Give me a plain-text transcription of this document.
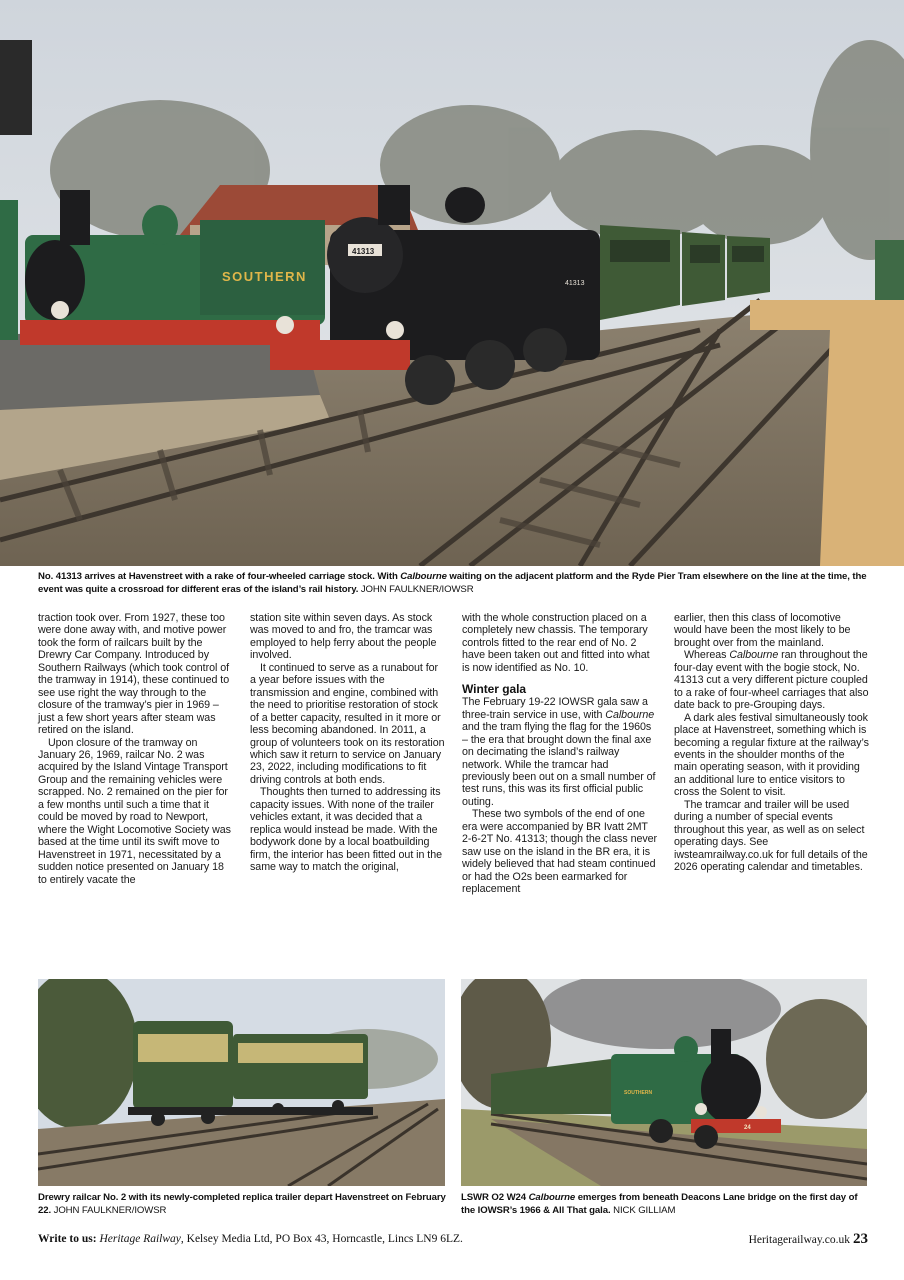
SOUTHERN
41313
41313
No. 41313 arrives at Havenstreet with a rake of four-wheeled carriage stock. With Calbourne waiting on the adjacent platform and the Ryde Pier Tram elsewhere on the line at the time, the event was quite a crossroad for different eras of the island’s rail history. JOHN FAULKNER/IOWSR

traction took over. From 1927, these too were done away with, and motive power took the form of railcars built by the Drewry Car Company. Introduced by Southern Railways (which took control of the tramway in 1914), these continued to see use right the way through to the closure of the tramway’s pier in 1969 – just a few short years after steam was retired on the island.

Upon closure of the tramway on January 26, 1969, railcar No. 2 was acquired by the Island Vintage Transport Group and the remaining vehicles were scrapped. No. 2 remained on the pier for a few months until such a time that it could be moved by road to Newport, where the Wight Locomotive Society was based at the time until its swift move to Havenstreet in 1971, necessitated by a sudden notice presented on January 18 to entirely vacate the

station site within seven days. As stock was moved to and fro, the tramcar was employed to help ferry about the people involved.

It continued to serve as a runabout for a year before issues with the transmission and engine, combined with the need to prioritise restoration of stock of a better capacity, resulted in it more or less becoming abandoned. In 2011, a group of volunteers took on its restoration which saw it return to service on January 23, 2022, including modifications to fit driving controls at both ends.

Thoughts then turned to addressing its capacity issues. With none of the trailer vehicles extant, it was decided that a replica would instead be made. With the bodywork done by a local boatbuilding firm, the interior has been fitted out in the same way to match the original,

with the whole construction placed on a completely new chassis. The temporary controls fitted to the rear end of No. 2 have been taken out and fitted into what is now identified as No. 10.

Winter gala

The February 19-22 IOWSR gala saw a three-train service in use, with Calbourne and the tram flying the flag for the 1960s – the era that brought down the final axe on decimating the island’s railway network. While the tramcar had previously been out on a small number of test runs, this was its first official public outing.

These two symbols of the end of one era were accompanied by BR Ivatt 2MT 2-6-2T No. 41313; though the class never saw use on the island in the BR era, it is widely believed that had steam continued or had the O2s been earmarked for replacement

earlier, then this class of locomotive would have been the most likely to be brought over from the mainland.

Whereas Calbourne ran throughout the four-day event with the bogie stock, No. 41313 cut a very different picture coupled to a rake of four-wheel carriages that also date back to pre-Grouping days.

A dark ales festival simultaneously took place at Havenstreet, something which is becoming a regular fixture at the railway’s events in the shoulder months of the main operating season, with it providing an additional lure to entice visitors to cross the Solent to visit.

The tramcar and trailer will be used during a number of special events throughout this year, as well as on select operating days. See iwsteamrailway.co.uk for full details of the 2026 operating calendar and timetables.

Drewry railcar No. 2 with its newly-completed replica trailer depart Havenstreet on February 22. JOHN FAULKNER/IOWSR
SOUTHERN
24
LSWR O2 W24 Calbourne emerges from beneath Deacons Lane bridge on the first day of the IOWSR’s 1966 & All That gala. NICK GILLIAM
Write to us: Heritage Railway, Kelsey Media Ltd, PO Box 43, Horncastle, Lincs LN9 6LZ.	Heritagerailway.co.uk 23
